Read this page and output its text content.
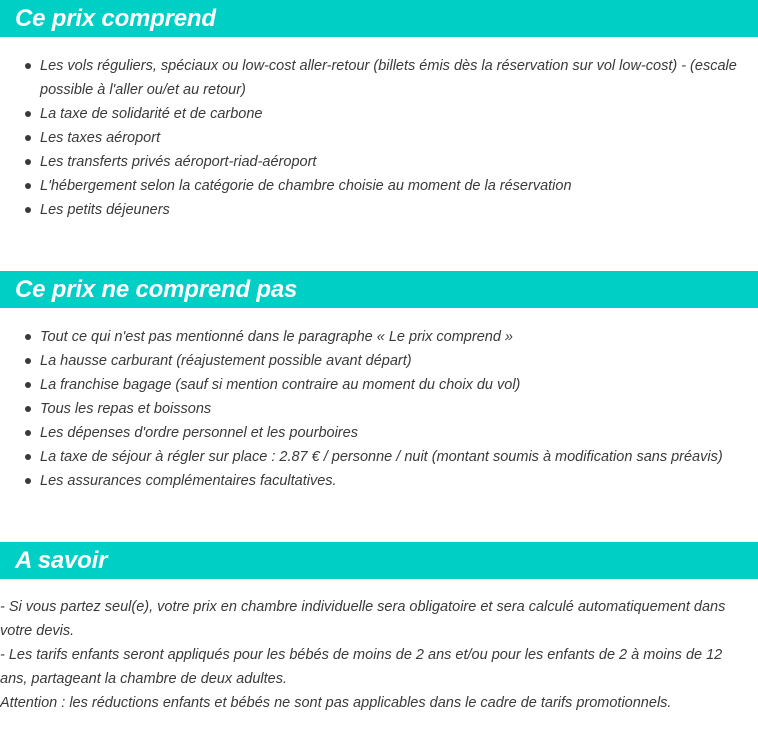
Ce prix comprend
Les vols réguliers, spéciaux ou low-cost aller-retour (billets émis dès la réservation sur vol low-cost) - (escale possible à l'aller ou/et au retour)
La taxe de solidarité et de carbone
Les taxes aéroport
Les transferts privés aéroport-riad-aéroport
L'hébergement selon la catégorie de chambre choisie au moment de la réservation
Les petits déjeuners
Ce prix ne comprend pas
Tout ce qui n'est pas mentionné dans le paragraphe « Le prix comprend »
La hausse carburant (réajustement possible avant départ)
La franchise bagage (sauf si mention contraire au moment du choix du vol)
Tous les repas et boissons
Les dépenses d'ordre personnel et les pourboires
La taxe de séjour à régler sur place : 2.87 € / personne / nuit (montant soumis à modification sans préavis)
Les assurances complémentaires facultatives.
A savoir

- Si vous partez seul(e), votre prix en chambre individuelle sera obligatoire et sera calculé automatiquement dans votre devis.

- Les tarifs enfants seront appliqués pour les bébés de moins de 2 ans et/ou pour les enfants de 2 à moins de 12 ans, partageant la chambre de deux adultes.

Attention : les réductions enfants et bébés ne sont pas applicables dans le cadre de tarifs promotionnels.
